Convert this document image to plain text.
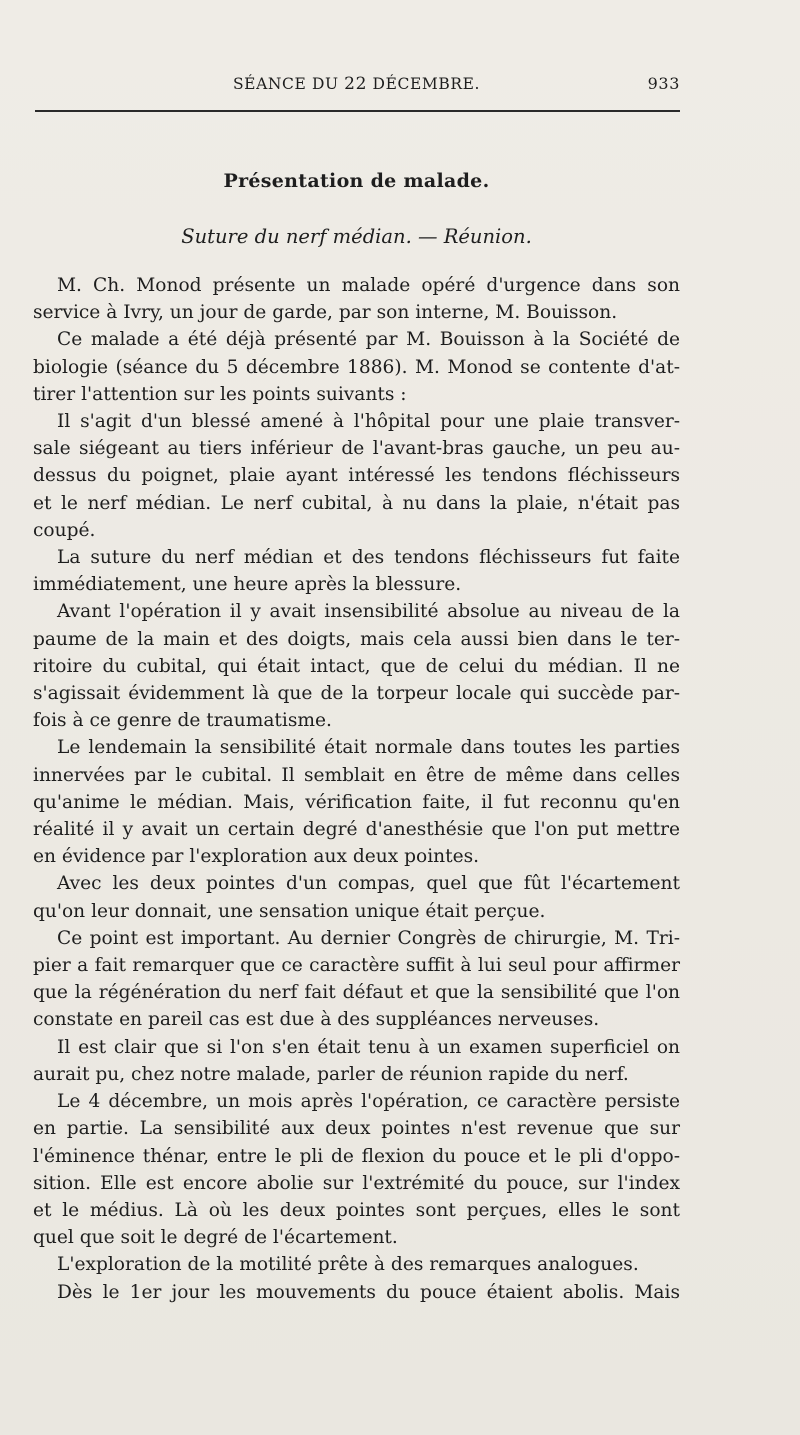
SÉANCE DU 22 DÉCEMBRE.	933
Présentation de malade.
Suture du nerf médian. — Réunion.

M. Ch. Monod présente un malade opéré d'urgence dans son

service à Ivry, un jour de garde, par son interne, M. Bouisson.

Ce malade a été déjà présenté par M. Bouisson à la Société de

biologie (séance du 5 décembre 1886). M. Monod se contente d'at-

tirer l'attention sur les points suivants :

Il s'agit d'un blessé amené à l'hôpital pour une plaie transver-

sale siégeant au tiers inférieur de l'avant-bras gauche, un peu au-

dessus du poignet, plaie ayant intéressé les tendons fléchisseurs

et le nerf médian. Le nerf cubital, à nu dans la plaie, n'était pas

coupé.

La suture du nerf médian et des tendons fléchisseurs fut faite

immédiatement, une heure après la blessure.

Avant l'opération il y avait insensibilité absolue au niveau de la

paume de la main et des doigts, mais cela aussi bien dans le ter-

ritoire du cubital, qui était intact, que de celui du médian. Il ne

s'agissait évidemment là que de la torpeur locale qui succède par-

fois à ce genre de traumatisme.

Le lendemain la sensibilité était normale dans toutes les parties

innervées par le cubital. Il semblait en être de même dans celles

qu'anime le médian. Mais, vérification faite, il fut reconnu qu'en

réalité il y avait un certain degré d'anesthésie que l'on put mettre

en évidence par l'exploration aux deux pointes.

Avec les deux pointes d'un compas, quel que fût l'écartement

qu'on leur donnait, une sensation unique était perçue.

Ce point est important. Au dernier Congrès de chirurgie, M. Tri-

pier a fait remarquer que ce caractère suffit à lui seul pour affirmer

que la régénération du nerf fait défaut et que la sensibilité que l'on

constate en pareil cas est due à des suppléances nerveuses.

Il est clair que si l'on s'en était tenu à un examen superficiel on

aurait pu, chez notre malade, parler de réunion rapide du nerf.

Le 4 décembre, un mois après l'opération, ce caractère persiste

en partie. La sensibilité aux deux pointes n'est revenue que sur

l'éminence thénar, entre le pli de flexion du pouce et le pli d'oppo-

sition. Elle est encore abolie sur l'extrémité du pouce, sur l'index

et le médius. Là où les deux pointes sont perçues, elles le sont

quel que soit le degré de l'écartement.

L'exploration de la motilité prête à des remarques analogues.

Dès le 1er jour les mouvements du pouce étaient abolis. Mais
